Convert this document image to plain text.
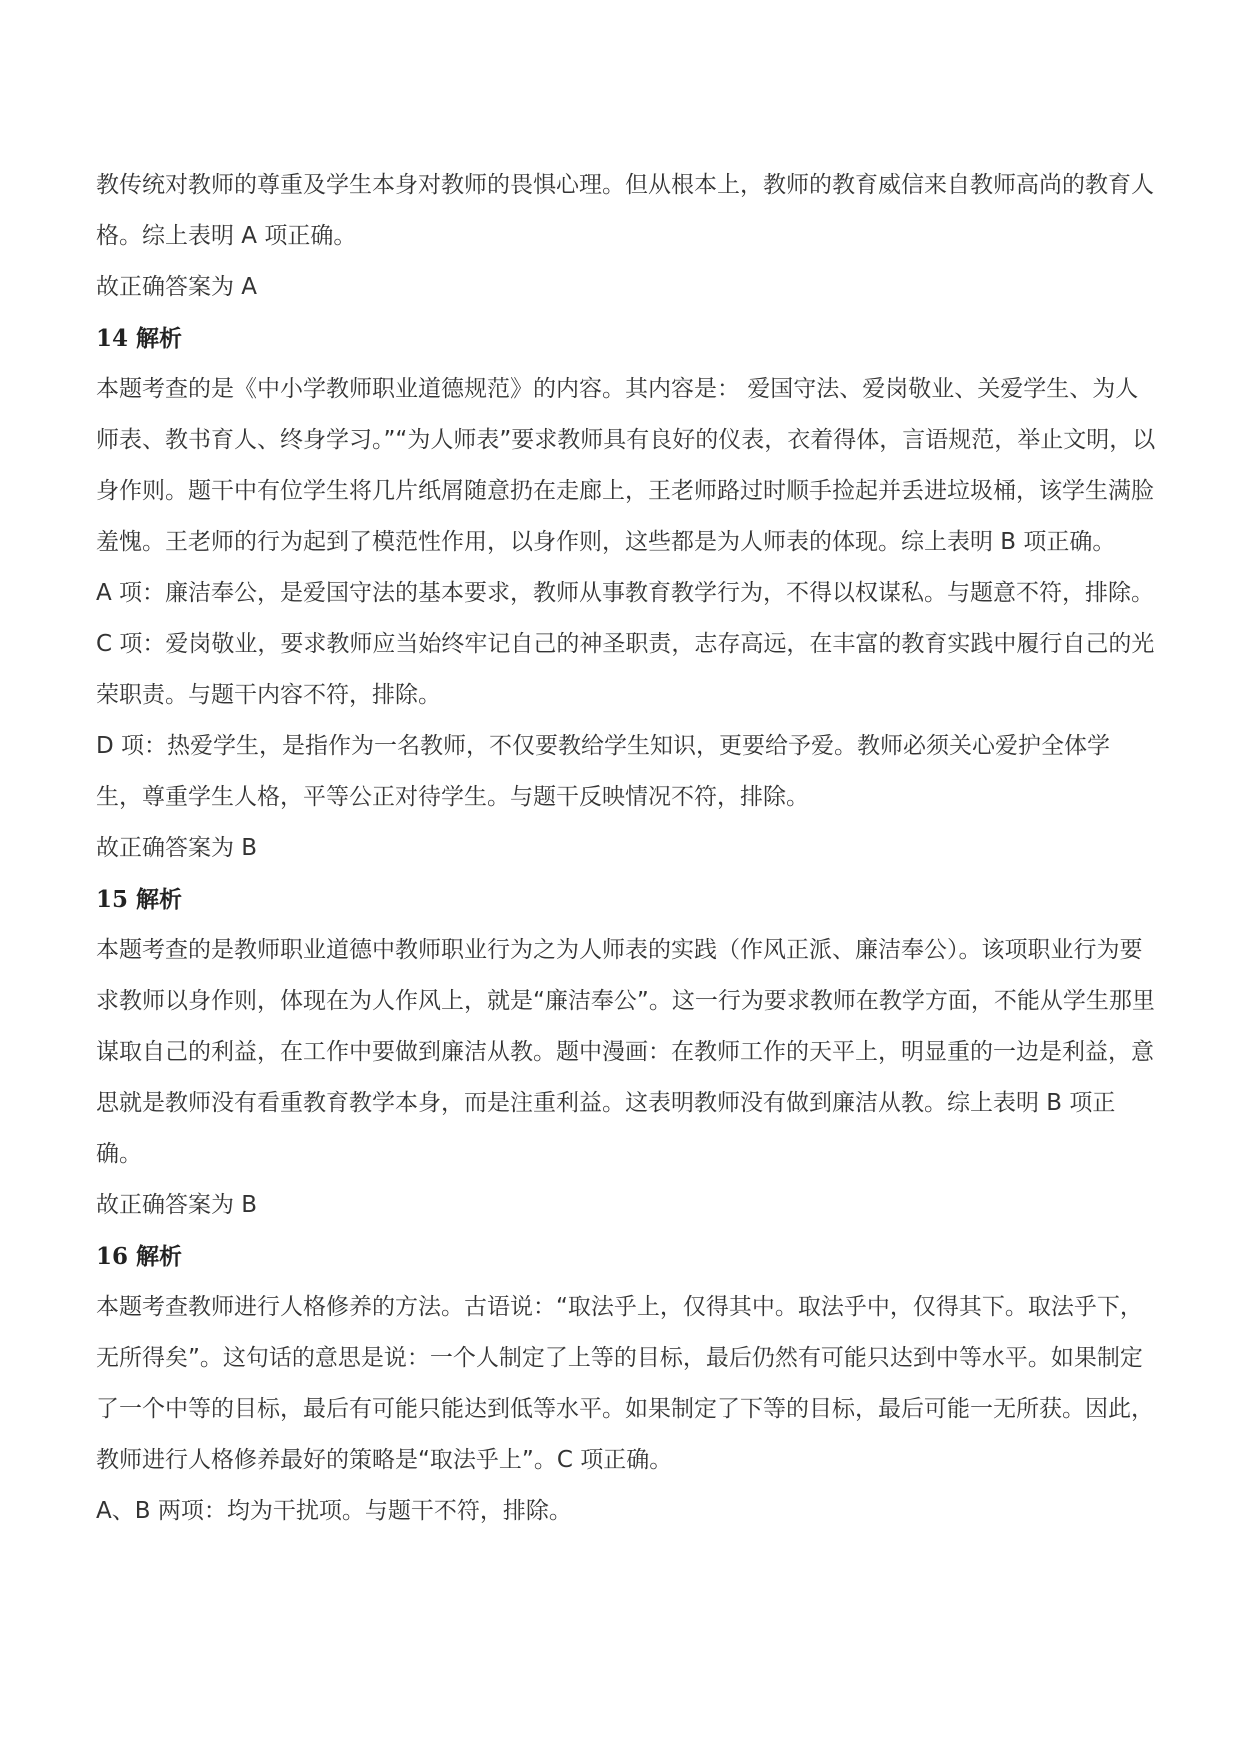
教传统对教师的尊重及学生本身对教师的畏惧心理。但从根本上，教师的教育威信来自教师高尚的教育人格。综上表明 A 项正确。

故正确答案为 A

14 解析

本题考查的是《中小学教师职业道德规范》的内容。其内容是： 爱国守法、爱岗敬业、关爱学生、为人师表、教书育人、终身学习。”“为人师表”要求教师具有良好的仪表，衣着得体，言语规范，举止文明，以身作则。题干中有位学生将几片纸屑随意扔在走廊上，王老师路过时顺手捡起并丢进垃圾桶，该学生满脸羞愧。王老师的行为起到了模范性作用，以身作则，这些都是为人师表的体现。综上表明 B 项正确。

A 项：廉洁奉公，是爱国守法的基本要求，教师从事教育教学行为，不得以权谋私。与题意不符，排除。

C 项：爱岗敬业，要求教师应当始终牢记自己的神圣职责，志存高远，在丰富的教育实践中履行自己的光荣职责。与题干内容不符，排除。

D 项：热爱学生，是指作为一名教师，不仅要教给学生知识，更要给予爱。教师必须关心爱护全体学生，尊重学生人格，平等公正对待学生。与题干反映情况不符，排除。

故正确答案为 B

15 解析

本题考查的是教师职业道德中教师职业行为之为人师表的实践（作风正派、廉洁奉公）。该项职业行为要求教师以身作则，体现在为人作风上，就是“廉洁奉公”。这一行为要求教师在教学方面，不能从学生那里谋取自己的利益，在工作中要做到廉洁从教。题中漫画：在教师工作的天平上，明显重的一边是利益，意思就是教师没有看重教育教学本身，而是注重利益。这表明教师没有做到廉洁从教。综上表明 B 项正确。

故正确答案为 B

16 解析

本题考查教师进行人格修养的方法。古语说：“取法乎上，仅得其中。取法乎中，仅得其下。取法乎下，无所得矣”。这句话的意思是说：一个人制定了上等的目标，最后仍然有可能只达到中等水平。如果制定了一个中等的目标，最后有可能只能达到低等水平。如果制定了下等的目标，最后可能一无所获。因此，教师进行人格修养最好的策略是“取法乎上”。C 项正确。

A、B 两项：均为干扰项。与题干不符，排除。
